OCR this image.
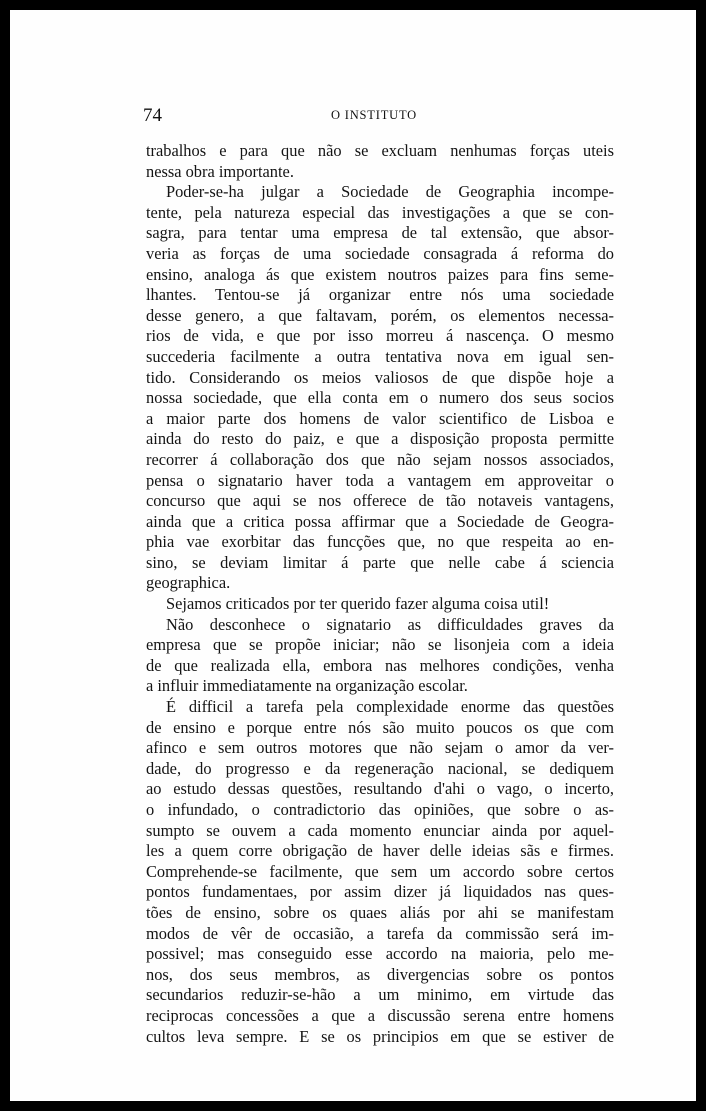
74	O INSTITUTO
trabalhos e para que não se excluam nenhumas forças uteis
nessa obra importante.
Poder-se-ha julgar a Sociedade de Geographia incompe-
tente, pela natureza especial das investigações a que se con-
sagra, para tentar uma empresa de tal extensão, que absor-
veria as forças de uma sociedade consagrada á reforma do
ensino, analoga ás que existem noutros paizes para fins seme-
lhantes. Tentou-se já organizar entre nós uma sociedade
desse genero, a que faltavam, porém, os elementos necessa-
rios de vida, e que por isso morreu á nascença. O mesmo
succederia facilmente a outra tentativa nova em igual sen-
tido. Considerando os meios valiosos de que dispõe hoje a
nossa sociedade, que ella conta em o numero dos seus socios
a maior parte dos homens de valor scientifico de Lisboa e
ainda do resto do paiz, e que a disposição proposta permitte
recorrer á collaboração dos que não sejam nossos associados,
pensa o signatario haver toda a vantagem em approveitar o
concurso que aqui se nos offerece de tão notaveis vantagens,
ainda que a critica possa affirmar que a Sociedade de Geogra-
phia vae exorbitar das funcções que, no que respeita ao en-
sino, se deviam limitar á parte que nelle cabe á sciencia
geographica.
Sejamos criticados por ter querido fazer alguma coisa util!
Não desconhece o signatario as difficuldades graves da
empresa que se propõe iniciar; não se lisonjeia com a ideia
de que realizada ella, embora nas melhores condições, venha
a influir immediatamente na organização escolar.
É difficil a tarefa pela complexidade enorme das questões
de ensino e porque entre nós são muito poucos os que com
afinco e sem outros motores que não sejam o amor da ver-
dade, do progresso e da regeneração nacional, se dediquem
ao estudo dessas questões, resultando d'ahi o vago, o incerto,
o infundado, o contradictorio das opiniões, que sobre o as-
sumpto se ouvem a cada momento enunciar ainda por aquel-
les a quem corre obrigação de haver delle ideias sãs e firmes.
Comprehende-se facilmente, que sem um accordo sobre certos
pontos fundamentaes, por assim dizer já liquidados nas ques-
tões de ensino, sobre os quaes aliás por ahi se manifestam
modos de vêr de occasião, a tarefa da commissão será im-
possivel; mas conseguido esse accordo na maioria, pelo me-
nos, dos seus membros, as divergencias sobre os pontos
secundarios reduzir-se-hão a um minimo, em virtude das
reciprocas concessões a que a discussão serena entre homens
cultos leva sempre. E se os principios em que se estiver de
